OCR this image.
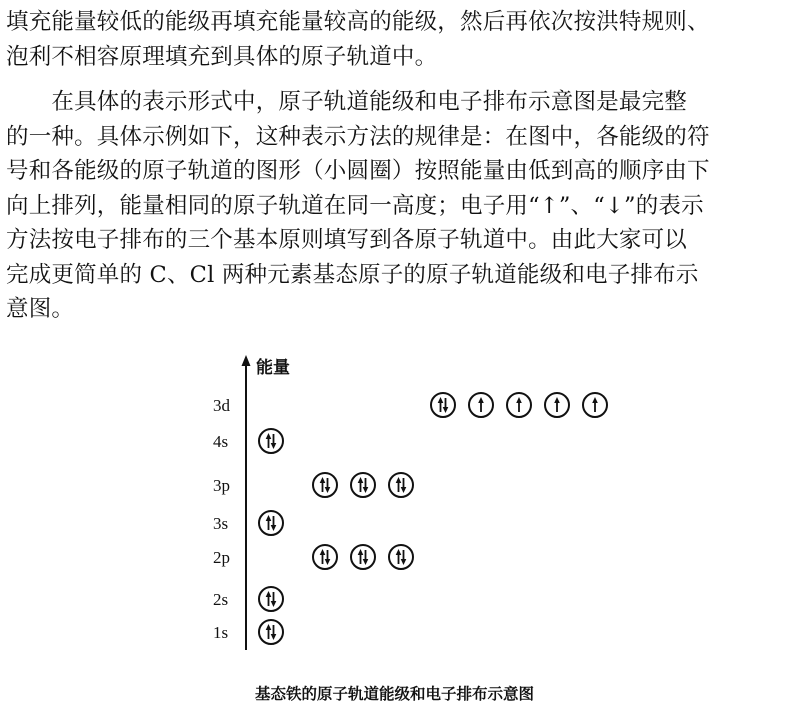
填充能量较低的能级再填充能量较高的能级，然后再依次按洪特规则、
泡利不相容原理填充到具体的原子轨道中。
　　在具体的表示形式中，原子轨道能级和电子排布示意图是最完整
的一种。具体示例如下，这种表示方法的规律是：在图中，各能级的符
号和各能级的原子轨道的图形（小圆圈）按照能量由低到高的顺序由下
向上排列，能量相同的原子轨道在同一高度；电子用“↑”、“↓”的表示
方法按电子排布的三个基本原则填写到各原子轨道中。由此大家可以
完成更简单的 C、Cl 两种元素基态原子的原子轨道能级和电子排布示
意图。
能量
3d
4s
3p
3s
2p
2s
1s
基态铁的原子轨道能级和电子排布示意图
